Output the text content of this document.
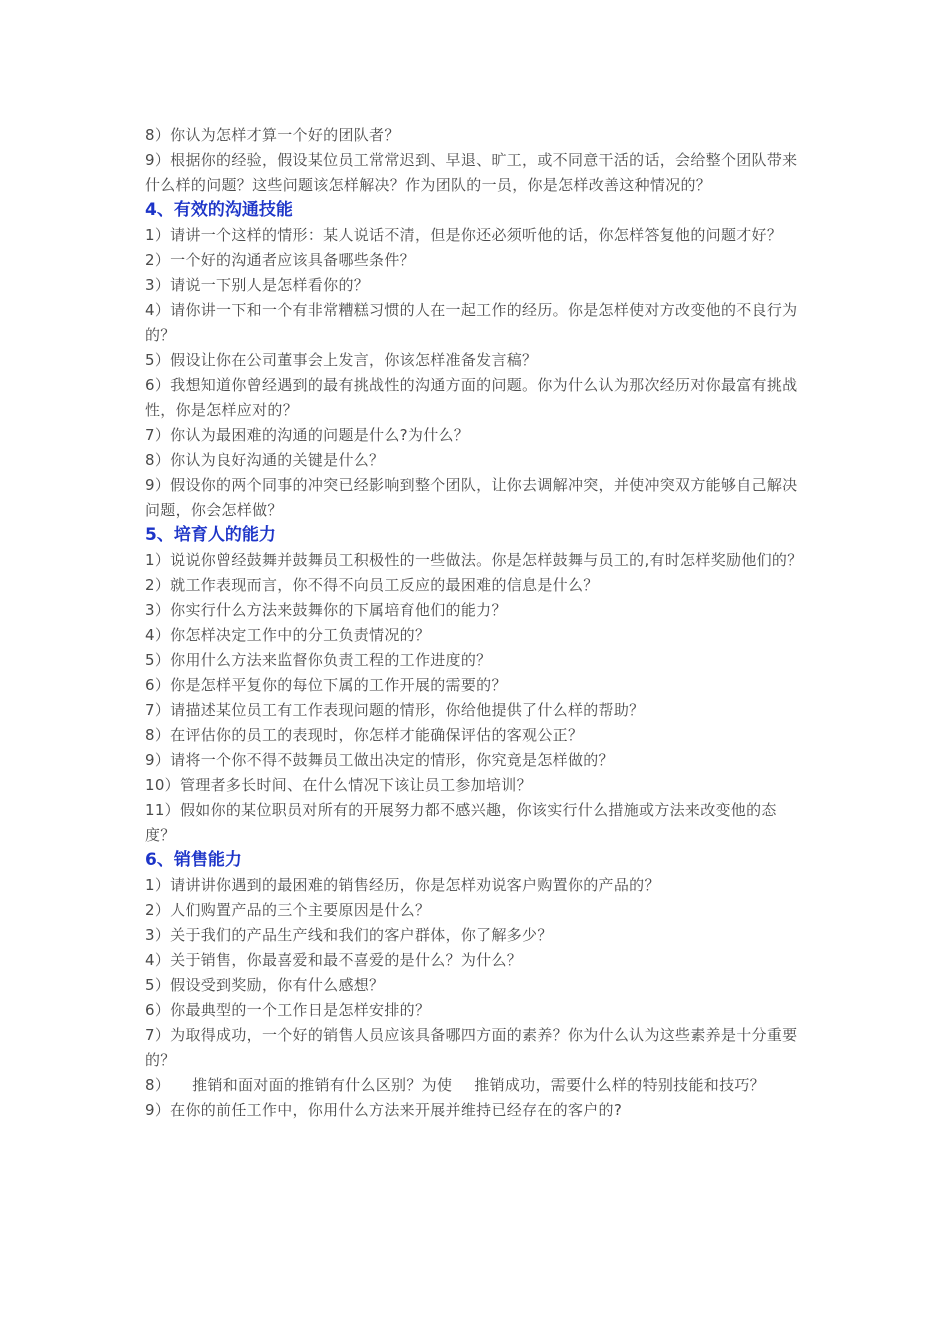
8）你认为怎样才算一个好的团队者？

9）根据你的经验，假设某位员工常常迟到、早退、旷工，或不同意干活的话，会给整个团队带来什么样的问题？这些问题该怎样解决？作为团队的一员，你是怎样改善这种情况的？

4、有效的沟通技能

1）请讲一个这样的情形：某人说话不清，但是你还必须听他的话，你怎样答复他的问题才好？

2）一个好的沟通者应该具备哪些条件？

3）请说一下别人是怎样看你的？

4）请你讲一下和一个有非常糟糕习惯的人在一起工作的经历。你是怎样使对方改变他的不良行为的？

5）假设让你在公司董事会上发言，你该怎样准备发言稿？

6）我想知道你曾经遇到的最有挑战性的沟通方面的问题。你为什么认为那次经历对你最富有挑战性，你是怎样应对的？

7）你认为最困难的沟通的问题是什么?为什么？

8）你认为良好沟通的关键是什么？

9）假设你的两个同事的冲突已经影响到整个团队，让你去调解冲突，并使冲突双方能够自己解决问题，你会怎样做？

5、培育人的能力

1）说说你曾经鼓舞并鼓舞员工积极性的一些做法。你是怎样鼓舞与员工的,有时怎样奖励他们的？

2）就工作表现而言，你不得不向员工反应的最困难的信息是什么？

3）你实行什么方法来鼓舞你的下属培育他们的能力？

4）你怎样决定工作中的分工负责情况的？

5）你用什么方法来监督你负责工程的工作进度的？

6）你是怎样平复你的每位下属的工作开展的需要的？

7）请描述某位员工有工作表现问题的情形，你给他提供了什么样的帮助？

8）在评估你的员工的表现时，你怎样才能确保评估的客观公正？

9）请将一个你不得不鼓舞员工做出决定的情形，你究竟是怎样做的？

10）管理者多长时间、在什么情况下该让员工参加培训？

11）假如你的某位职员对所有的开展努力都不感兴趣，你该实行什么措施或方法来改变他的态度？

6、销售能力

1）请讲讲你遇到的最困难的销售经历，你是怎样劝说客户购置你的产品的？

2）人们购置产品的三个主要原因是什么？

3）关于我们的产品生产线和我们的客户群体，你了解多少？

4）关于销售，你最喜爱和最不喜爱的是什么？为什么？

5）假设受到奖励，你有什么感想？

6）你最典型的一个工作日是怎样安排的？

7）为取得成功，一个好的销售人员应该具备哪四方面的素养？你为什么认为这些素养是十分重要的？

8） 推销和面对面的推销有什么区别？为使 推销成功，需要什么样的特别技能和技巧？

9）在你的前任工作中，你用什么方法来开展并维持已经存在的客户的?
